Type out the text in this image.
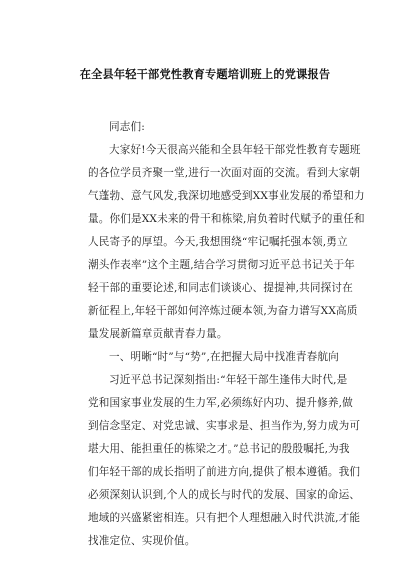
在全县年轻干部党性教育专题培训班上的党课报告
同志们:
大家好!今天很高兴能和全县年轻干部党性教育专题班
的各位学员齐聚一堂,进行一次面对面的交流。看到大家朝
气蓬勃、意气风发,我深切地感受到XX事业发展的希望和力
量。你们是XX未来的骨干和栋梁,肩负着时代赋予的重任和
人民寄予的厚望。今天,我想围绕“牢记嘱托强本领,勇立
潮头作表率”这个主题,结合学习贯彻习近平总书记关于年
轻干部的重要论述,和同志们谈谈心、提提神,共同探讨在
新征程上,年轻干部如何淬炼过硬本领,为奋力谱写XX高质
量发展新篇章贡献青春力量。
一、明晰“时”与“势”,在把握大局中找准青春航向
习近平总书记深刻指出:“年轻干部生逢伟大时代,是
党和国家事业发展的生力军,必须练好内功、提升修养,做
到信念坚定、对党忠诚、实事求是、担当作为,努力成为可
堪大用、能担重任的栋梁之才。”总书记的殷殷嘱托,为我
们年轻干部的成长指明了前进方向,提供了根本遵循。我们
必须深刻认识到,个人的成长与时代的发展、国家的命运、
地域的兴盛紧密相连。只有把个人理想融入时代洪流,才能
找准定位、实现价值。
